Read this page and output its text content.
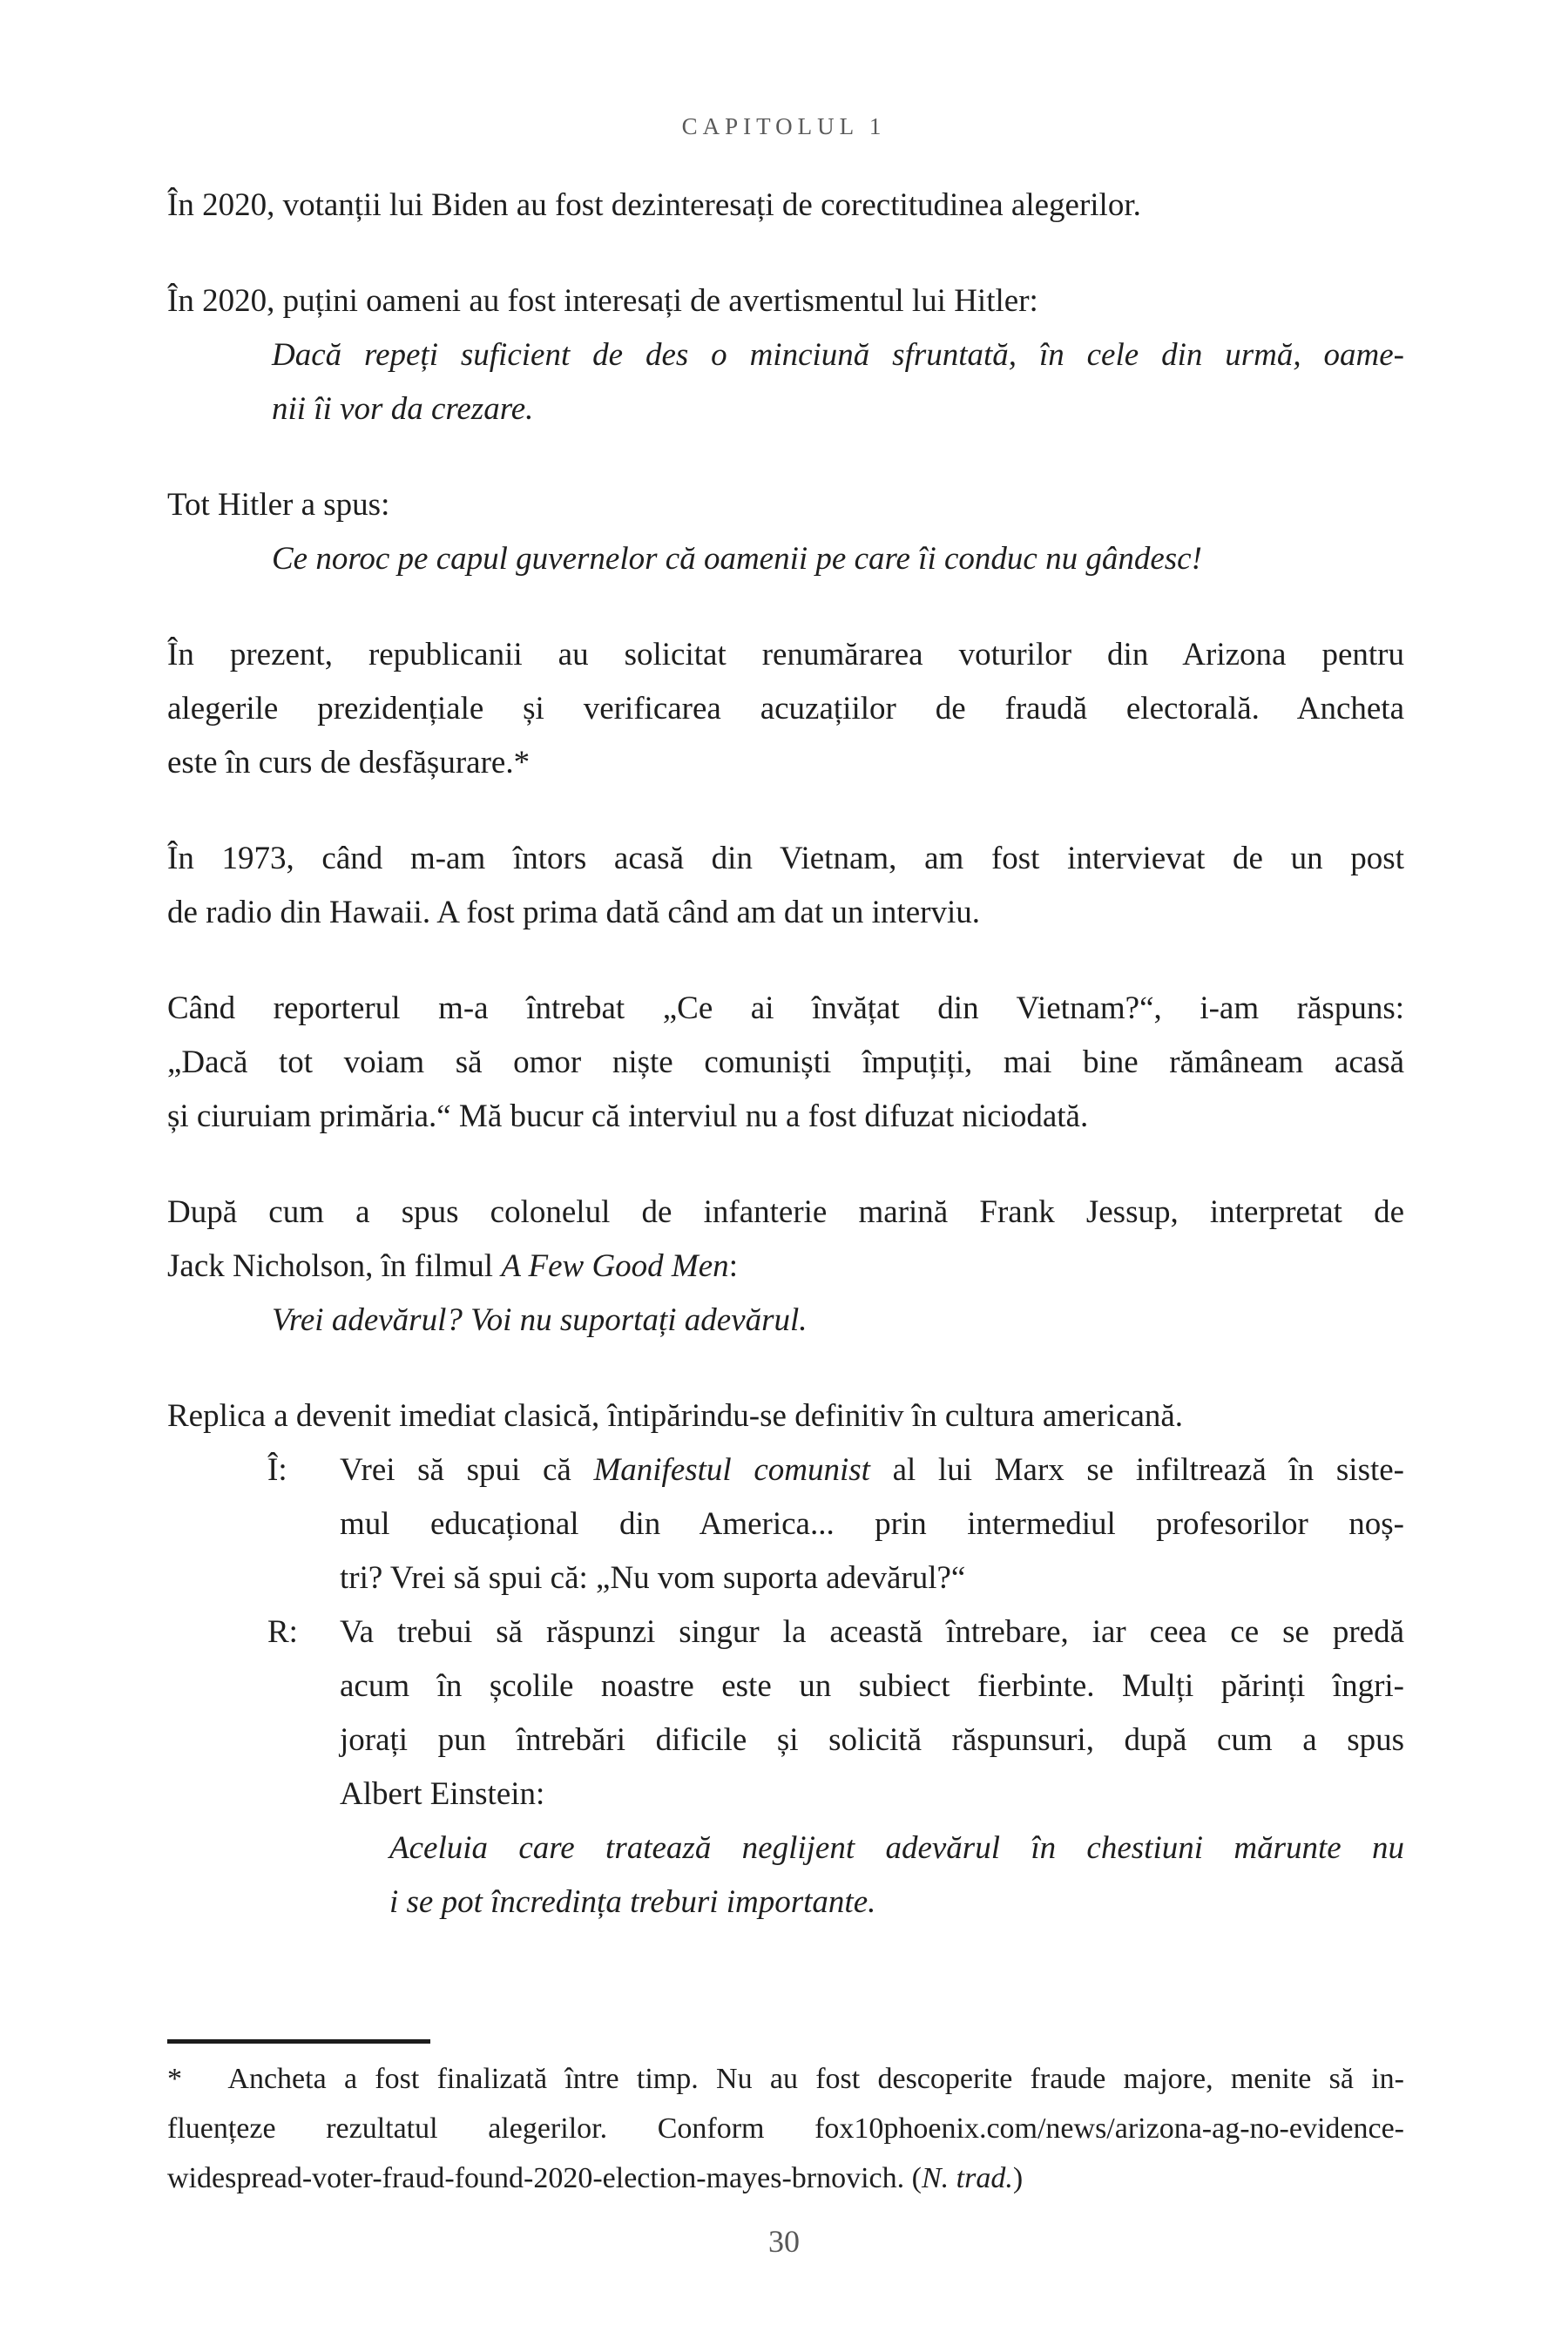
CAPITOLUL 1
În 2020, votanții lui Biden au fost dezinteresați de corectitudinea alegerilor.
În 2020, puțini oameni au fost interesați de avertismentul lui Hitler:
Dacă repeți suficient de des o minciună sfruntată, în cele din urmă, oame-
nii îi vor da crezare.
Tot Hitler a spus:
Ce noroc pe capul guvernelor că oamenii pe care îi conduc nu gândesc!
În prezent, republicanii au solicitat renumărarea voturilor din Arizona pentru
alegerile prezidențiale și verificarea acuzațiilor de fraudă electorală. Ancheta
este în curs de desfășurare.*
În 1973, când m-am întors acasă din Vietnam, am fost intervievat de un post
de radio din Hawaii. A fost prima dată când am dat un interviu.
Când reporterul m-a întrebat „Ce ai învățat din Vietnam?“, i-am răspuns:
„Dacă tot voiam să omor niște comuniști împuțiți, mai bine rămâneam acasă
și ciuruiam primăria.“ Mă bucur că interviul nu a fost difuzat niciodată.
După cum a spus colonelul de infanterie marină Frank Jessup, interpretat de
Jack Nicholson, în filmul A Few Good Men:
Vrei adevărul? Voi nu suportați adevărul.
Replica a devenit imediat clasică, întipărindu-se definitiv în cultura americană.
Î: Vrei să spui că Manifestul comunist al lui Marx se infiltrează în siste-
mul educațional din America... prin intermediul profesorilor noș-
tri? Vrei să spui că: „Nu vom suporta adevărul?“
R: Va trebui să răspunzi singur la această întrebare, iar ceea ce se predă
acum în școlile noastre este un subiect fierbinte. Mulți părinți îngri-
jorați pun întrebări dificile și solicită răspunsuri, după cum a spus
Albert Einstein:
Aceluia care tratează neglijent adevărul în chestiuni mărunte nu
i se pot încredința treburi importante.
*  Ancheta a fost finalizată între timp. Nu au fost descoperite fraude majore, menite să in-
fluențeze rezultatul alegerilor. Conform fox10phoenix.com/news/arizona-ag-no-evidence-
widespread-voter-fraud-found-2020-election-mayes-brnovich. (N. trad.)
30
